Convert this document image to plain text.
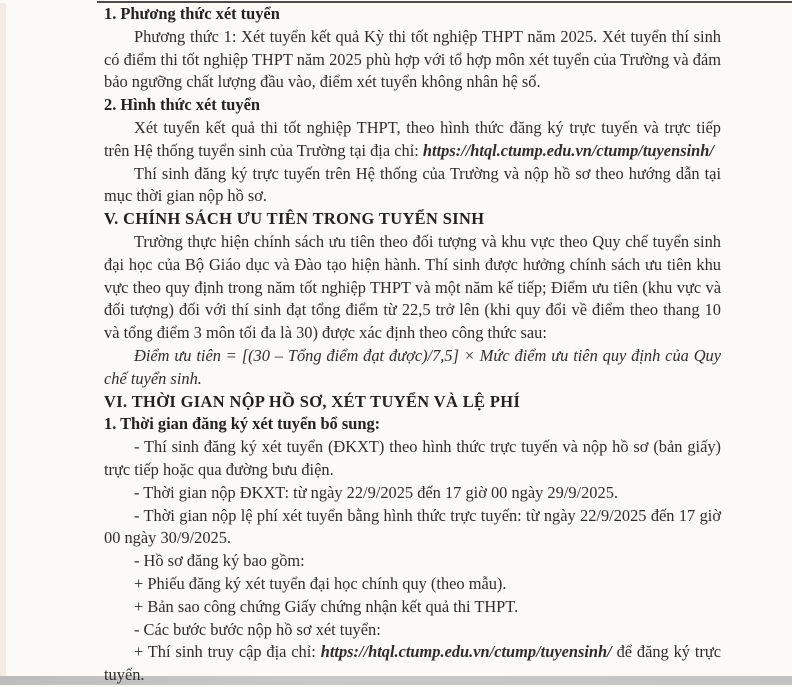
1. Phương thức xét tuyển

Phương thức 1: Xét tuyển kết quả Kỳ thi tốt nghiệp THPT năm 2025. Xét tuyển thí sinh có điểm thi tốt nghiệp THPT năm 2025 phù hợp với tổ hợp môn xét tuyển của Trường và đảm bảo ngưỡng chất lượng đầu vào, điểm xét tuyển không nhân hệ số.

2. Hình thức xét tuyển

Xét tuyển kết quả thi tốt nghiệp THPT, theo hình thức đăng ký trực tuyến và trực tiếp trên Hệ thống tuyển sinh của Trường tại địa chỉ: https://htql.ctump.edu.vn/ctump/tuyensinh/

Thí sinh đăng ký trực tuyến trên Hệ thống của Trường và nộp hồ sơ theo hướng dẫn tại mục thời gian nộp hồ sơ.

V. CHÍNH SÁCH ƯU TIÊN TRONG TUYỂN SINH

Trường thực hiện chính sách ưu tiên theo đối tượng và khu vực theo Quy chế tuyển sinh đại học của Bộ Giáo dục và Đào tạo hiện hành. Thí sinh được hưởng chính sách ưu tiên khu vực theo quy định trong năm tốt nghiệp THPT và một năm kế tiếp; Điểm ưu tiên (khu vực và đối tượng) đối với thí sinh đạt tổng điểm từ 22,5 trở lên (khi quy đổi về điểm theo thang 10 và tổng điểm 3 môn tối đa là 30) được xác định theo công thức sau:

Điểm ưu tiên = [(30 – Tổng điểm đạt được)/7,5] × Mức điểm ưu tiên quy định của Quy chế tuyển sinh.

VI. THỜI GIAN NỘP HỒ SƠ, XÉT TUYỂN VÀ LỆ PHÍ

1. Thời gian đăng ký xét tuyển bổ sung:

- Thí sinh đăng ký xét tuyển (ĐKXT) theo hình thức trực tuyến và nộp hồ sơ (bản giấy) trực tiếp hoặc qua đường bưu điện.

- Thời gian nộp ĐKXT: từ ngày 22/9/2025 đến 17 giờ 00 ngày 29/9/2025.

- Thời gian nộp lệ phí xét tuyển bằng hình thức trực tuyến: từ ngày 22/9/2025 đến 17 giờ 00 ngày 30/9/2025.

- Hồ sơ đăng ký bao gồm:

+ Phiếu đăng ký xét tuyển đại học chính quy (theo mẫu).

+ Bản sao công chứng Giấy chứng nhận kết quả thi THPT.

- Các bước bước nộp hồ sơ xét tuyển:

+ Thí sinh truy cập địa chỉ: https://htql.ctump.edu.vn/ctump/tuyensinh/ để đăng ký trực tuyến.
